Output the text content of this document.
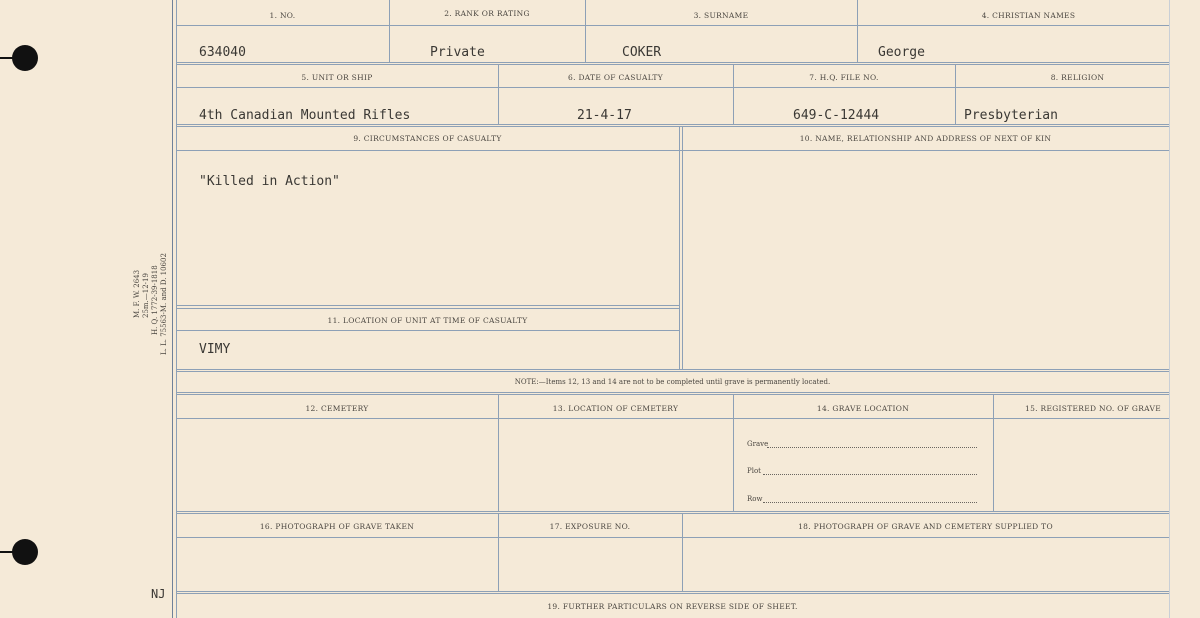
M. F. W. 2643 25m.—12-19 H. Q. 1772-39-1818 L. L. 75563-M. and D. 10602
NJ
1. NO.	2. RANK OR RATING	3. SURNAME	4. CHRISTIAN NAMES
634040	Private	COKER	George
5. UNIT OR SHIP	6. DATE OF CASUALTY	7. H.Q. FILE NO.	8. RELIGION
4th Canadian Mounted Rifles	21-4-17	649-C-12444	Presbyterian
9. CIRCUMSTANCES OF CASUALTY	10. NAME, RELATIONSHIP AND ADDRESS OF NEXT OF KIN
"Killed in Action"
11. LOCATION OF UNIT AT TIME OF CASUALTY
VIMY
NOTE:—Items 12, 13 and 14 are not to be completed until grave is permanently located.
12. CEMETERY	13. LOCATION OF CEMETERY	14. GRAVE LOCATION	15. REGISTERED NO. OF GRAVE
Grave
Plot
Row
16. PHOTOGRAPH OF GRAVE TAKEN	17. EXPOSURE NO.	18. PHOTOGRAPH OF GRAVE AND CEMETERY SUPPLIED TO
19. FURTHER PARTICULARS ON REVERSE SIDE OF SHEET.
